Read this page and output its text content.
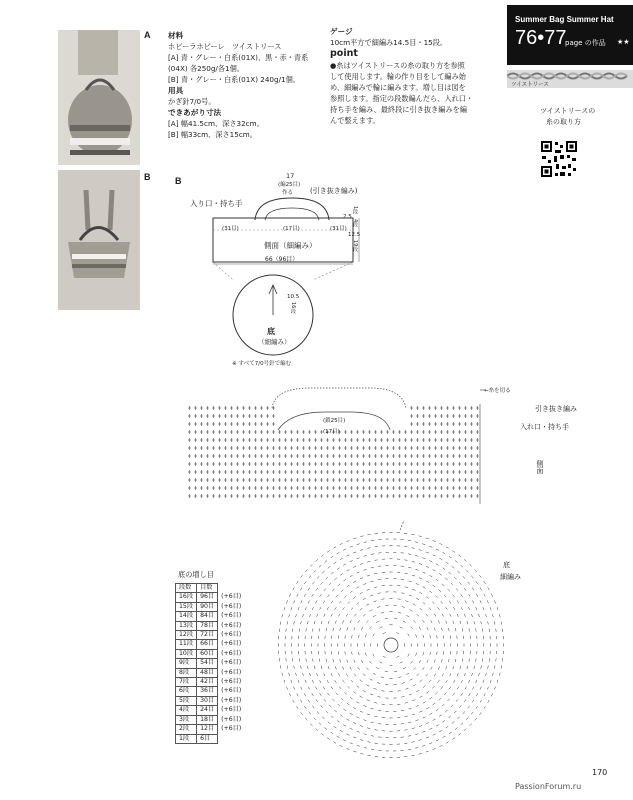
A
B
材料
ホビーラホビーレ　ツイストリース
[A] 青・グレー・白系(01X)、黒・赤・青系
(04X) 各250g/各1個。
[B] 青・グレー・白系(01X) 240g/1個。
用具
かぎ針7/0号。
できあがり寸法
[A] 幅41.5cm、深さ32cm。
[B] 幅33cm、深さ15cm。
ゲージ
10cm平方で細編み14.5目・15段。
point
●糸はツイストリースの糸の取り方を参照
して使用します。輪の作り目をして編み始
め、細編みで輪に編みます。増し目は図を
参照します。指定の段数編んだら、入れ口・
持ち手を編み、最終段に引き抜き編みを編
んで整えます。
Summer Bag Summer Hat
76•77
page の作品 ★★
ツイストリース
ツイストリースの
糸の取り方
B	17
(編25目)
作る (引き抜き編み)
入り口・持ち手
(31目)	(17目)	(31目)
2.5
1段
4段
12.5
19段
側面（細編み）
66（96目）
10.5
16段
底
（細編み）
※ すべて7/0号針で編む
←糸を切る
引き抜き編み
入れ口・持ち手
側面
(鎖25目)
(17目)
底
細編み
底の増し目
段数	目数	
16段	96目	(+6目)
15段	90目	(+6目)
14段	84目	(+6目)
13段	78目	(+6目)
12段	72目	(+6目)
11段	66目	(+6目)
10段	60目	(+6目)
9段	54目	(+6目)
8段	48目	(+6目)
7段	42目	(+6目)
6段	36目	(+6目)
5段	30目	(+6目)
4段	24目	(+6目)
3段	18目	(+6目)
2段	12目	(+6目)
1段	6目	
170
PassionForum.ru
